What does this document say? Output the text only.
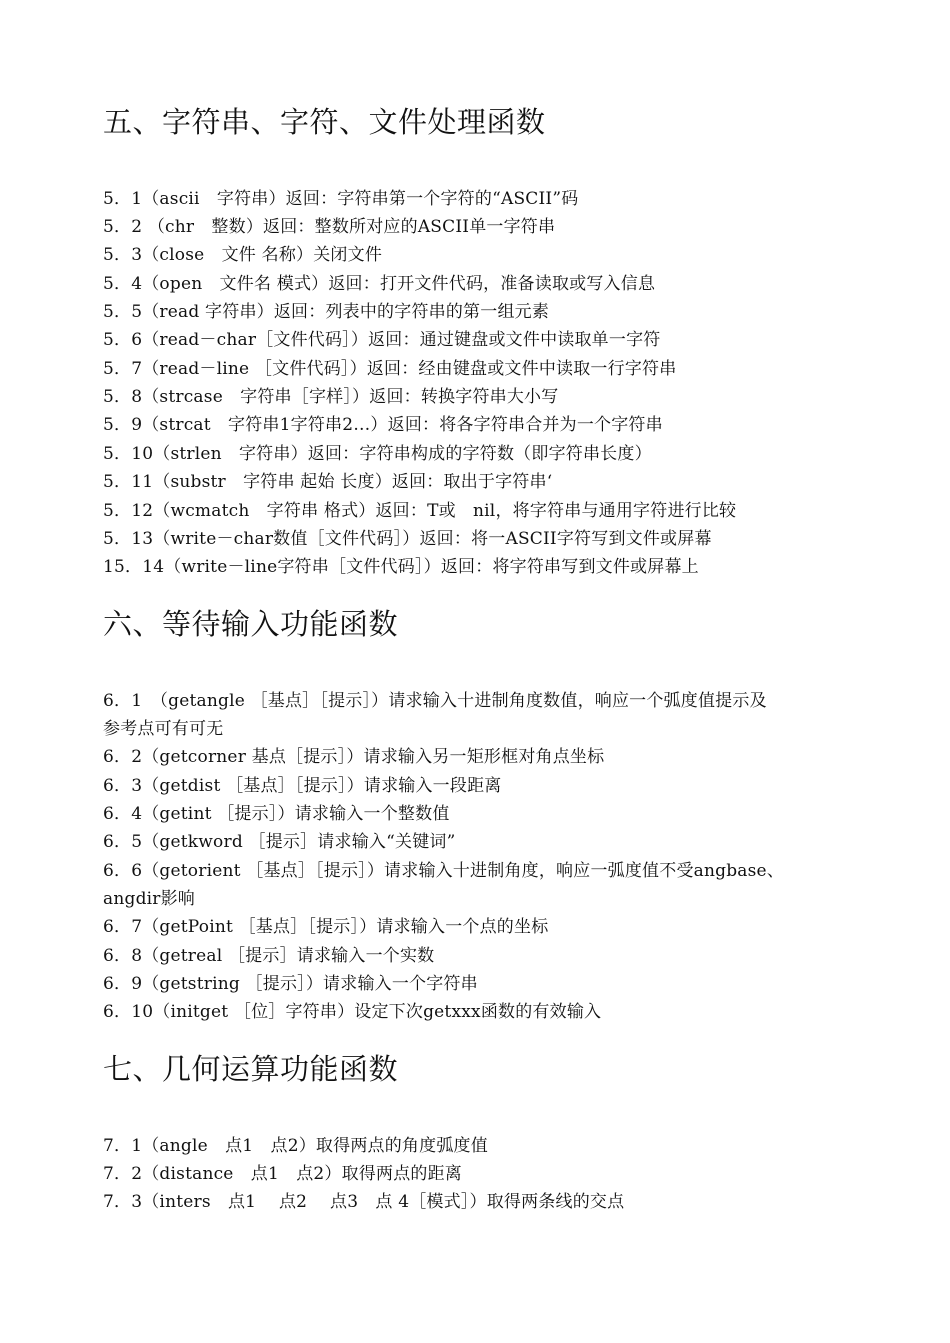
五、字符串、字符、文件处理函数
5．1（ascii　字符串）返回：字符串第一个字符的“ASCII”码
5．2 （chr　整数）返回：整数所对应的ASCII单一字符串
5．3（close　文件 名称）关闭文件
5．4（open　文件名 模式）返回：打开文件代码，准备读取或写入信息
5．5（read 字符串）返回：列表中的字符串的第一组元素
5．6（read－char［文件代码］）返回：通过键盘或文件中读取单一字符
5．7（read－line ［文件代码］）返回：经由键盘或文件中读取一行字符串
5．8（strcase　字符串［字样］）返回：转换字符串大小写
5．9（strcat　字符串1字符串2…）返回：将各字符串合并为一个字符串
5．10（strlen　字符串）返回：字符串构成的字符数（即字符串长度）
5．11（substr　字符串 起始 长度）返回：取出于字符串‘
5．12（wcmatch　字符串 格式）返回：T或　nil，将字符串与通用字符进行比较
5．13（write－char数值［文件代码］）返回：将一ASCII字符写到文件或屏幕
15．14（write－line字符串［文件代码］）返回：将字符串写到文件或屏幕上
六、等待输入功能函数
6．1　（getangle ［基点］［提示］）请求输入十进制角度数值，响应一个弧度值提示及
参考点可有可无
6．2（getcorner 基点［提示］）请求输入另一矩形框对角点坐标
6．3（getdist ［基点］［提示］）请求输入一段距离
6．4（getint ［提示］）请求输入一个整数值
6．5（getkword ［提示］请求输入“关键词”
6．6（getorient ［基点］［提示］）请求输入十进制角度，响应一弧度值不受angbase、
angdir影响
6．7（getPoint ［基点］［提示］）请求输入一个点的坐标
6．8（getreal ［提示］请求输入一个实数
6．9（getstring ［提示］）请求输入一个字符串
6．10（initget ［位］字符串）设定下次getxxx函数的有效输入
七、几何运算功能函数
7．1（angle　点1　点2）取得两点的角度弧度值
7．2（distance　点1　点2）取得两点的距离
7．3（inters　点1　 点2　 点3　点 4［模式］）取得两条线的交点
